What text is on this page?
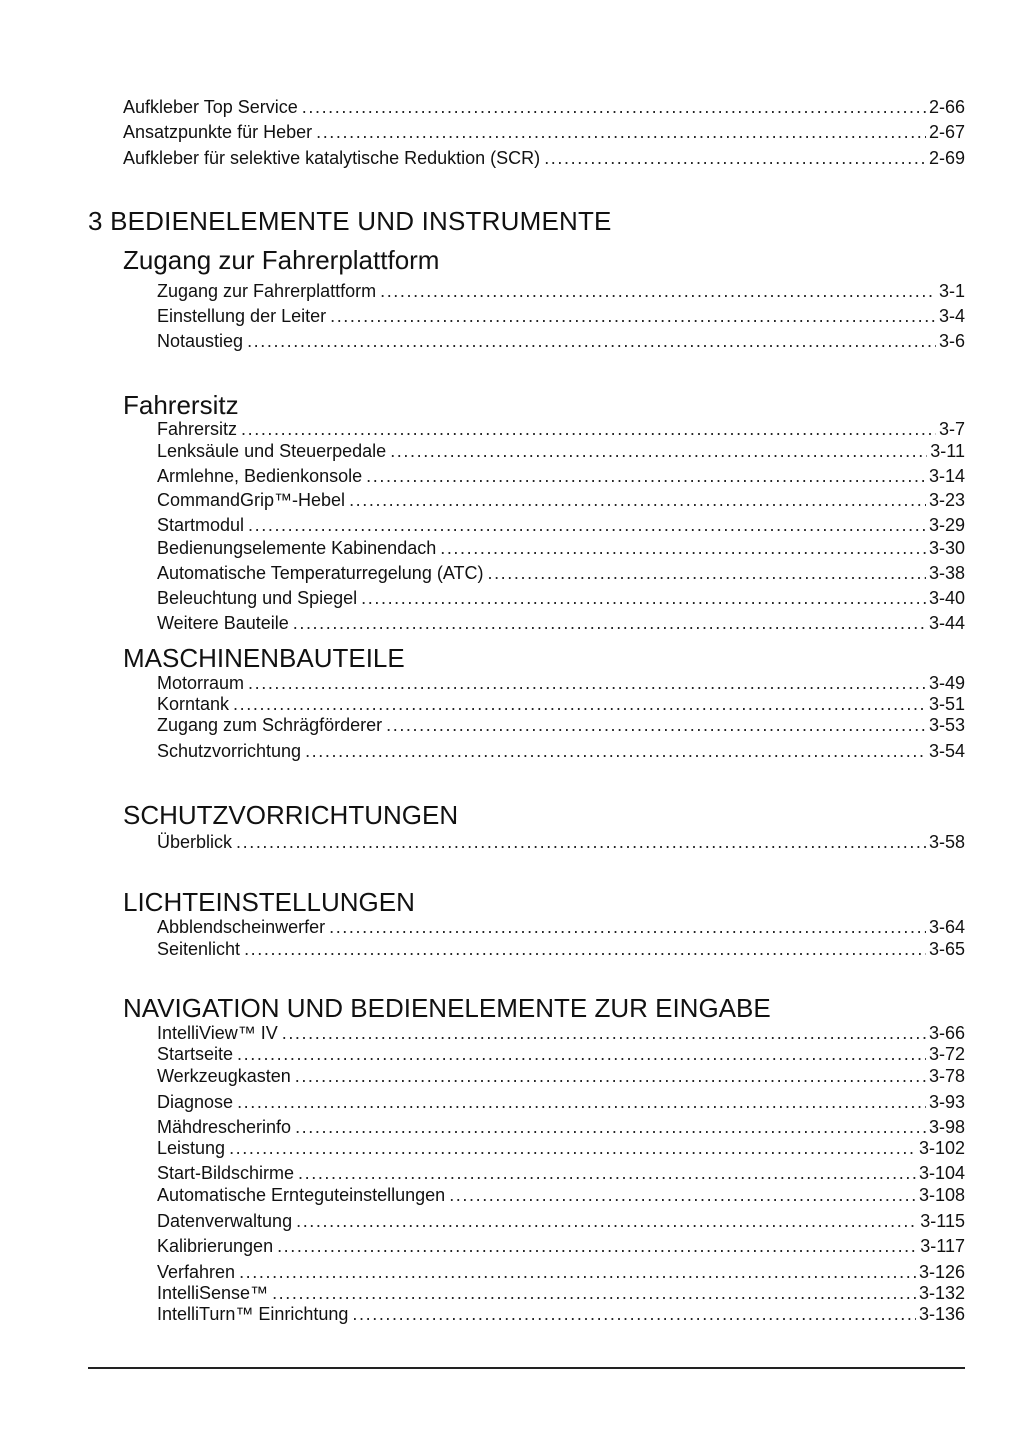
Aufkleber Top Service .....	2-66
Ansatzpunkte für Heber .....	2-67
Aufkleber für selektive katalytische Reduktion (SCR) .....	2-69
3 BEDIENELEMENTE UND INSTRUMENTE
Zugang zur Fahrerplattform
Zugang zur Fahrerplattform .....	3-1
Einstellung der Leiter .....	3-4
Notaustieg .....	3-6
Fahrersitz
Fahrersitz .....	3-7
Lenksäule und Steuerpedale .....	3-11
Armlehne, Bedienkonsole .....	3-14
CommandGrip™-Hebel .....	3-23
Startmodul .....	3-29
Bedienungselemente Kabinendach .....	3-30
Automatische Temperaturregelung (ATC) .....	3-38
Beleuchtung und Spiegel .....	3-40
Weitere Bauteile .....	3-44
MASCHINENBAUTEILE
Motorraum .....	3-49
Korntank .....	3-51
Zugang zum Schrägförderer .....	3-53
Schutzvorrichtung .....	3-54
SCHUTZVORRICHTUNGEN
Überblick .....	3-58
LICHTEINSTELLUNGEN
Abblendscheinwerfer .....	3-64
Seitenlicht .....	3-65
NAVIGATION UND BEDIENELEMENTE ZUR EINGABE
IntelliView™ IV .....	3-66
Startseite .....	3-72
Werkzeugkasten .....	3-78
Diagnose .....	3-93
Mähdrescherinfo .....	3-98
Leistung .....	3-102
Start-Bildschirme .....	3-104
Automatische Ernteguteinstellungen .....	3-108
Datenverwaltung .....	3-115
Kalibrierungen .....	3-117
Verfahren .....	3-126
IntelliSense™ .....	3-132
IntelliTurn™ Einrichtung .....	3-136
